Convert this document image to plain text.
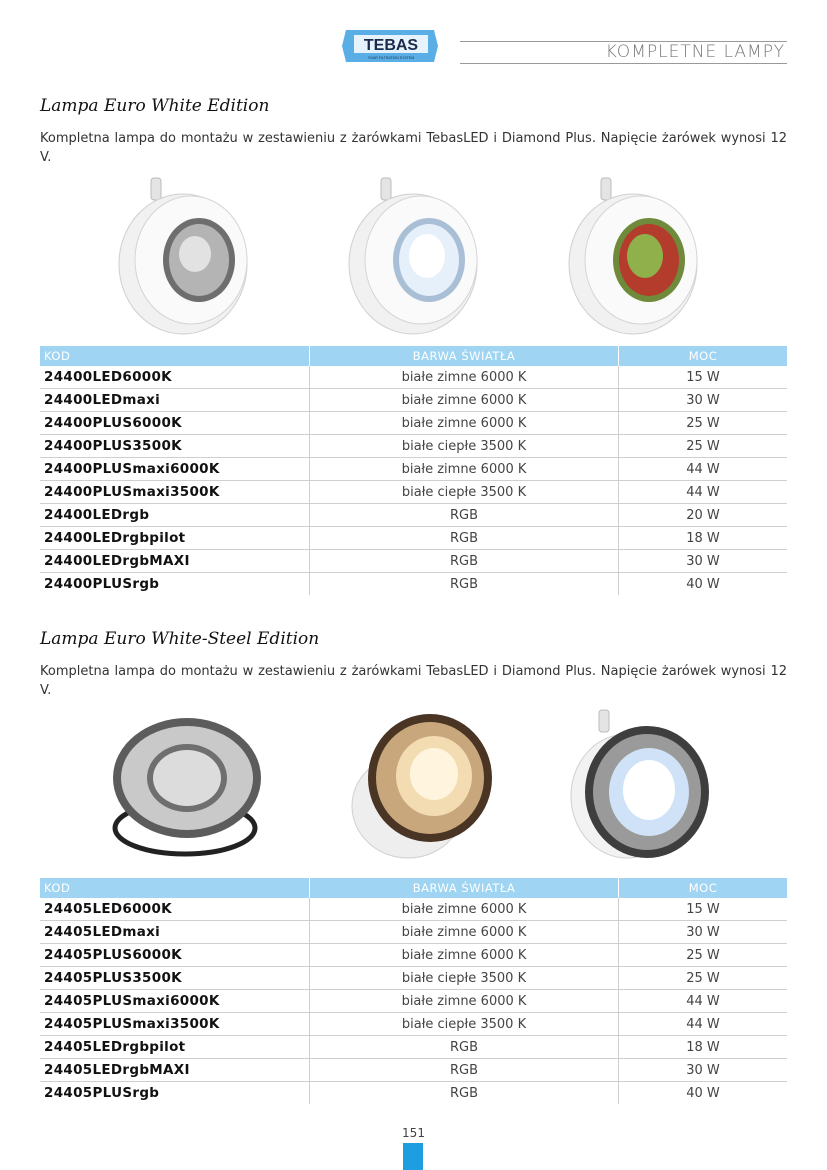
TEBAS
YOUR FILTRATION SYSTEM	KOMPLETNE LAMPY
Lampa Euro White Edition
Kompletna lampa do montażu w zestawieniu z żarówkami TebasLED i Diamond Plus. Napięcie żarówek wynosi 12 V.
KOD	BARWA ŚWIATŁA	MOC
24400LED6000K	białe zimne 6000 K	15 W
24400LEDmaxi	białe zimne 6000 K	30 W
24400PLUS6000K	białe zimne 6000 K	25 W
24400PLUS3500K	białe ciepłe 3500 K	25 W
24400PLUSmaxi6000K	białe zimne 6000 K	44 W
24400PLUSmaxi3500K	białe ciepłe 3500 K	44 W
24400LEDrgb	RGB	20 W
24400LEDrgbpilot	RGB	18 W
24400LEDrgbMAXI	RGB	30 W
24400PLUSrgb	RGB	40 W
Lampa Euro White-Steel Edition
Kompletna lampa do montażu w zestawieniu z żarówkami TebasLED i Diamond Plus. Napięcie żarówek wynosi 12 V.
KOD	BARWA ŚWIATŁA	MOC
24405LED6000K	białe zimne 6000 K	15 W
24405LEDmaxi	białe zimne 6000 K	30 W
24405PLUS6000K	białe zimne 6000 K	25 W
24405PLUS3500K	białe ciepłe 3500 K	25 W
24405PLUSmaxi6000K	białe zimne 6000 K	44 W
24405PLUSmaxi3500K	białe ciepłe 3500 K	44 W
24405LEDrgbpilot	RGB	18 W
24405LEDrgbMAXI	RGB	30 W
24405PLUSrgb	RGB	40 W
151
